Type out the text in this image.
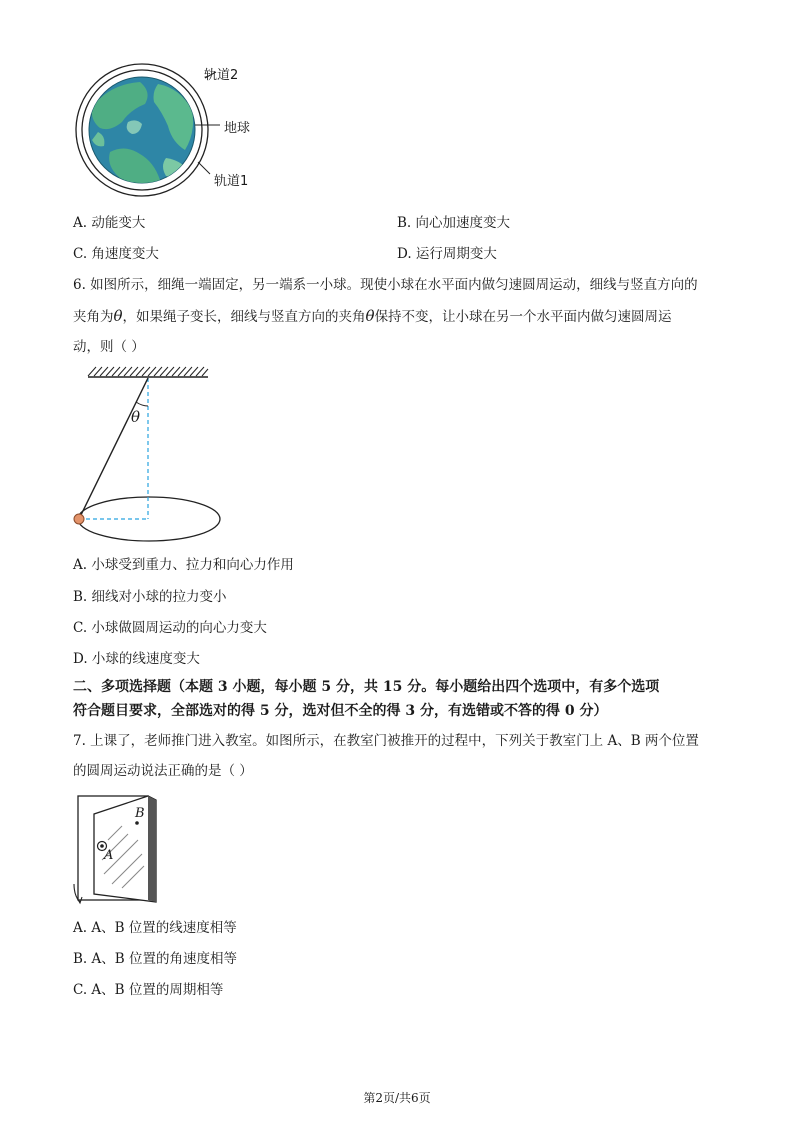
轨道2
地球
轨道1
A. 动能变大	B. 向心加速度变大
C. 角速度变大	D. 运行周期变大
6. 如图所示，细绳一端固定，另一端系一小球。现使小球在水平面内做匀速圆周运动，细线与竖直方向的
夹角为θ，如果绳子变长，细线与竖直方向的夹角θ保持不变，让小球在另一个水平面内做匀速圆周运
动，则（ ）
θ
A. 小球受到重力、拉力和向心力作用
B. 细线对小球的拉力变小
C. 小球做圆周运动的向心力变大
D. 小球的线速度变大
二、多项选择题（本题 3 小题，每小题 5 分，共 15 分。每小题给出四个选项中，有多个选项
符合题目要求，全部选对的得 5 分，选对但不全的得 3 分，有选错或不答的得 0 分）
7. 上课了，老师推门进入教室。如图所示，在教室门被推开的过程中，下列关于教室门上 A、B 两个位置
的圆周运动说法正确的是（ ）
A
B
A. A、B 位置的线速度相等
B. A、B 位置的角速度相等
C. A、B 位置的周期相等
第2页/共6页
